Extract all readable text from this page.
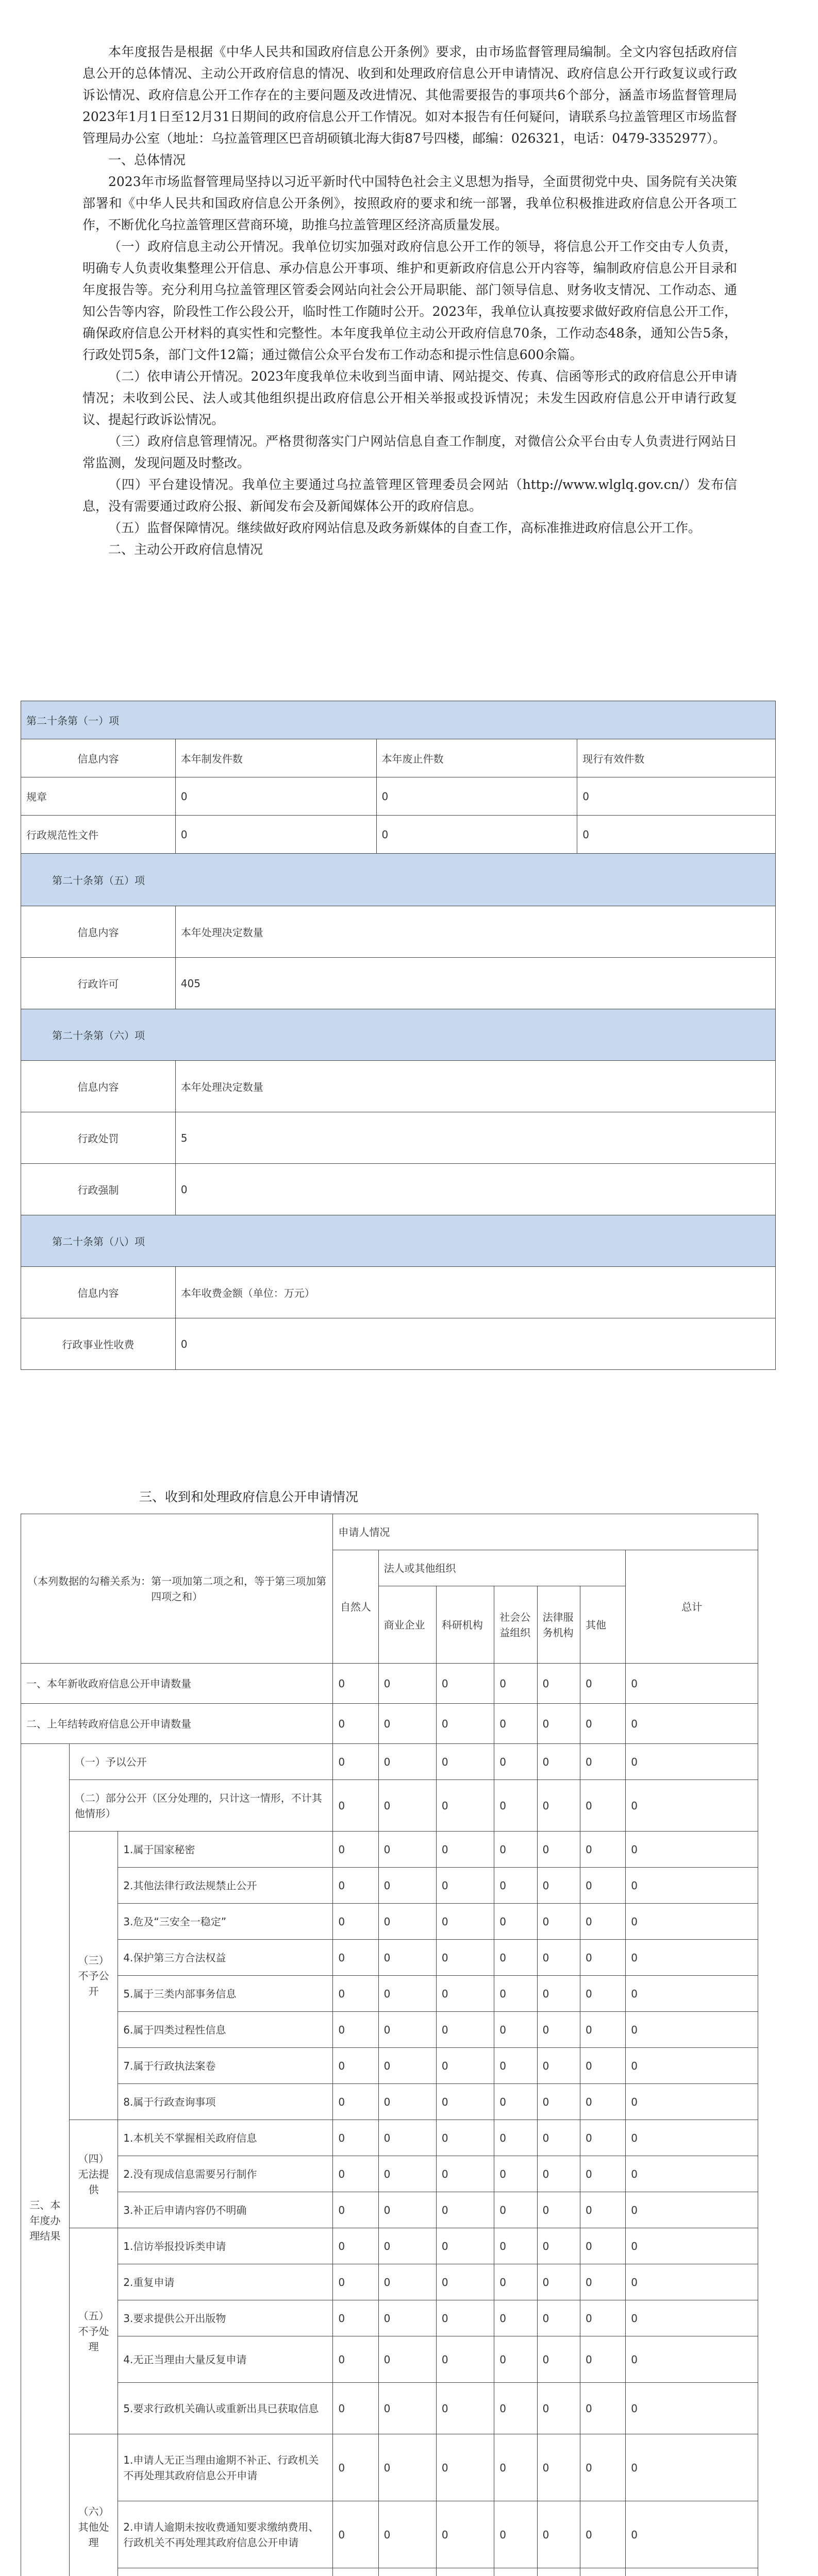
本年度报告是根据《中华人民共和国政府信息公开条例》要求，由市场监督管理局编制。全文内容包括政府信息公开的总体情况、主动公开政府信息的情况、收到和处理政府信息公开申请情况、政府信息公开行政复议或行政诉讼情况、政府信息公开工作存在的主要问题及改进情况、其他需要报告的事项共6个部分，涵盖市场监督管理局2023年1月1日至12月31日期间的政府信息公开工作情况。如对本报告有任何疑问，请联系乌拉盖管理区市场监督管理局办公室（地址：乌拉盖管理区巴音胡硕镇北海大街87号四楼，邮编：026321，电话：0479-3352977）。

一、总体情况

2023年市场监督管理局坚持以习近平新时代中国特色社会主义思想为指导，全面贯彻党中央、国务院有关决策部署和《中华人民共和国政府信息公开条例》，按照政府的要求和统一部署，我单位积极推进政府信息公开各项工作，不断优化乌拉盖管理区营商环境，助推乌拉盖管理区经济高质量发展。

（一）政府信息主动公开情况。我单位切实加强对政府信息公开工作的领导，将信息公开工作交由专人负责，明确专人负责收集整理公开信息、承办信息公开事项、维护和更新政府信息公开内容等，编制政府信息公开目录和年度报告等。充分利用乌拉盖管理区管委会网站向社会公开局职能、部门领导信息、财务收支情况、工作动态、通知公告等内容，阶段性工作公段公开，临时性工作随时公开。2023年，我单位认真按要求做好政府信息公开工作，确保政府信息公开材料的真实性和完整性。本年度我单位主动公开政府信息70条，工作动态48条，通知公告5条，行政处罚5条，部门文件12篇；通过微信公众平台发布工作动态和提示性信息600余篇。

（二）依申请公开情况。2023年度我单位未收到当面申请、网站提交、传真、信函等形式的政府信息公开申请情况；未收到公民、法人或其他组织提出政府信息公开相关举报或投诉情况；未发生因政府信息公开申请行政复议、提起行政诉讼情况。

（三）政府信息管理情况。严格贯彻落实门户网站信息自查工作制度，对微信公众平台由专人负责进行网站日常监测，发现问题及时整改。

（四）平台建设情况。我单位主要通过乌拉盖管理区管理委员会网站（http://www.wlglq.gov.cn/）发布信息，没有需要通过政府公报、新闻发布会及新闻媒体公开的政府信息。

（五）监督保障情况。继续做好政府网站信息及政务新媒体的自查工作，高标准推进政府信息公开工作。

二、主动公开政府信息情况

第二十条第（一）项			
信息内容	本年制发件数	本年废止件数	现行有效件数
规章	0	0	0
行政规范性文件	0	0	0
第二十条第（五）项			
信息内容	本年处理决定数量		
行政许可	405		
第二十条第（六）项			
信息内容	本年处理决定数量		
行政处罚	5		
行政强制	0		
第二十条第（八）项			
信息内容	本年收费金额（单位：万元）		
行政事业性收费	0		
三、收到和处理政府信息公开申请情况
（本列数据的勾稽关系为：第一项加第二项之和，等于第三项加第四项之和）			申请人情况							
			自然人	法人或其他组织					总计	
				商业企业	科研机构	社会公益组织	法律服务机构	其他		
一、本年新收政府信息公开申请数量			0	0	0	0	0	0	0	
二、上年结转政府信息公开申请数量			0	0	0	0	0	0	0	
三、本年度办理结果	（一）予以公开		0	0	0	0	0	0	0	
	（二）部分公开（区分处理的，只计这一情形，不计其他情形）		0	0	0	0	0	0	0	
	（三）不予公开	1.属于国家秘密	0	0	0	0	0	0	0	
		2.其他法律行政法规禁止公开	0	0	0	0	0	0	0	
		3.危及“三安全一稳定”	0	0	0	0	0	0	0	
		4.保护第三方合法权益	0	0	0	0	0	0	0	
		5.属于三类内部事务信息	0	0	0	0	0	0	0	
		6.属于四类过程性信息	0	0	0	0	0	0	0	
		7.属于行政执法案卷	0	0	0	0	0	0	0	
		8.属于行政查询事项	0	0	0	0	0	0	0	
	（四）无法提供	1.本机关不掌握相关政府信息	0	0	0	0	0	0	0	
		2.没有现成信息需要另行制作	0	0	0	0	0	0	0	
		3.补正后申请内容仍不明确	0	0	0	0	0	0	0	
	（五）不予处理	1.信访举报投诉类申请	0	0	0	0	0	0	0	
		2.重复申请	0	0	0	0	0	0	0	
		3.要求提供公开出版物	0	0	0	0	0	0	0	
		4.无正当理由大量反复申请	0	0	0	0	0	0	0	
		5.要求行政机关确认或重新出具已获取信息	0	0	0	0	0	0	0	
	（六）其他处理	1.申请人无正当理由逾期不补正、行政机关不再处理其政府信息公开申请	0	0	0	0	0	0	0	
		2.申请人逾期未按收费通知要求缴纳费用、行政机关不再处理其政府信息公开申请	0	0	0	0	0	0	0	
